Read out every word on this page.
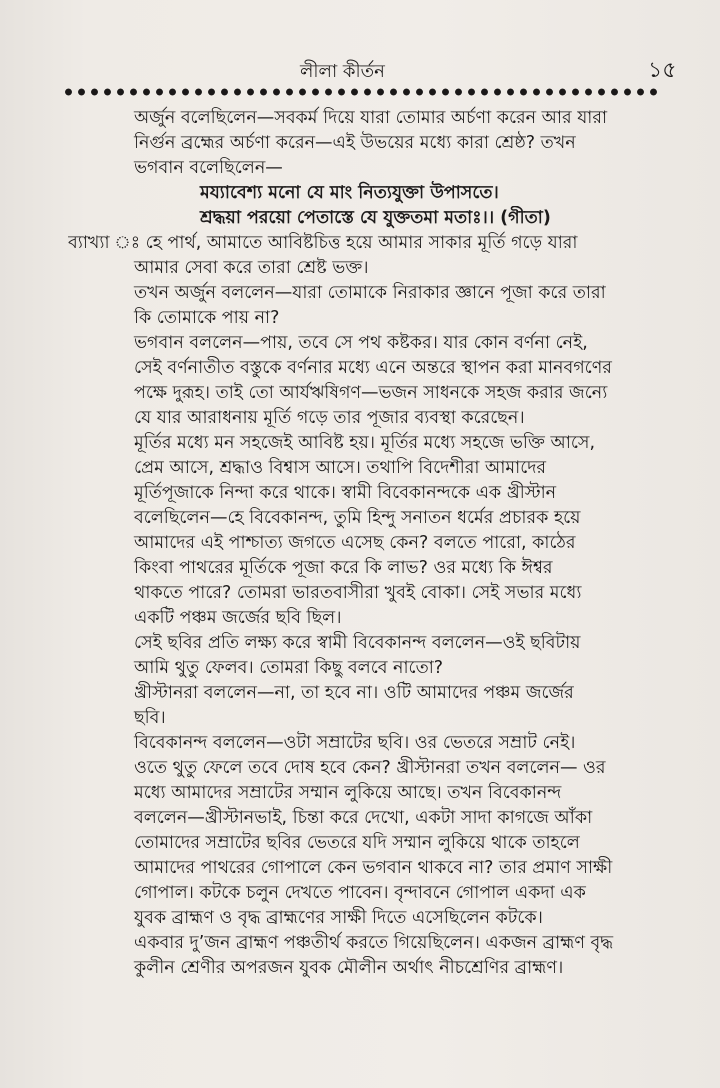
লীলা কীর্তন	১৫
অর্জুন বলেছিলেন—সবকর্ম দিয়ে যারা তোমার অর্চণা করেন আর যারা
নির্গুন ব্রহ্মের অর্চণা করেন—এই উভয়ের মধ্যে কারা শ্রেষ্ঠ? তখন
ভগবান বলেছিলেন—
ময্যাবেশ্য মনো যে মাং নিত্যযুক্তা উপাসতে।
শ্রদ্ধয়া পরয়ো পেতাস্তে যে যুক্ততমা মতাঃ।। (গীতা)
ব্যাখ্যা ঃ হে পার্থ, আমাতে আবিষ্টচিত্ত হয়ে আমার সাকার মূর্তি গড়ে যারা
আমার সেবা করে তারা শ্রেষ্ট ভক্ত।
তখন অর্জুন বললেন—যারা তোমাকে নিরাকার জ্ঞানে পূজা করে তারা
কি তোমাকে পায় না?
ভগবান বললেন—পায়, তবে সে পথ কষ্টকর। যার কোন বর্ণনা নেই,
সেই বর্ণনাতীত বস্তুকে বর্ণনার মধ্যে এনে অন্তরে স্থাপন করা মানবগণের
পক্ষে দুরূহ। তাই তো আর্যঋষিগণ—ভজন সাধনকে সহজ করার জন্যে
যে যার আরাধনায় মূর্তি গড়ে তার পূজার ব্যবস্থা করেছেন।
মূর্তির মধ্যে মন সহজেই আবিষ্ট হয়। মূর্তির মধ্যে সহজে ভক্তি আসে,
প্রেম আসে, শ্রদ্ধাও বিশ্বাস আসে। তথাপি বিদেশীরা আমাদের
মূর্তিপূজাকে নিন্দা করে থাকে। স্বামী বিবেকানন্দকে এক খ্রীস্টান
বলেছিলেন—হে বিবেকানন্দ, তুমি হিন্দু সনাতন ধর্মের প্রচারক হয়ে
আমাদের এই পাশ্চাত্য জগতে এসেছ কেন? বলতে পারো, কাঠের
কিংবা পাথরের মূর্তিকে পূজা করে কি লাভ? ওর মধ্যে কি ঈশ্বর
থাকতে পারে? তোমরা ভারতবাসীরা খুবই বোকা। সেই সভার মধ্যে
একটি পঞ্চম জর্জের ছবি ছিল।
সেই ছবির প্রতি লক্ষ্য করে স্বামী বিবেকানন্দ বললেন—ওই ছবিটায়
আমি থুতু ফেলব। তোমরা কিছু বলবে নাতো?
খ্রীস্টানরা বললেন—না, তা হবে না। ওটি আমাদের পঞ্চম জর্জের
ছবি।
বিবেকানন্দ বললেন—ওটা সম্রাটের ছবি। ওর ভেতরে সম্রাট নেই।
ওতে থুতু ফেলে তবে দোষ হবে কেন? খ্রীস্টানরা তখন বললেন— ওর
মধ্যে আমাদের সম্রাটের সম্মান লুকিয়ে আছে। তখন বিবেকানন্দ
বললেন—খ্রীস্টানভাই, চিন্তা করে দেখো, একটা সাদা কাগজে আঁকা
তোমাদের সম্রাটের ছবির ভেতরে যদি সম্মান লুকিয়ে থাকে তাহলে
আমাদের পাথরের গোপালে কেন ভগবান থাকবে না? তার প্রমাণ সাক্ষী
গোপাল। কটকে চলুন দেখতে পাবেন। বৃন্দাবনে গোপাল একদা এক
যুবক ব্রাহ্মণ ও বৃদ্ধ ব্রাহ্মণের সাক্ষী দিতে এসেছিলেন কটকে।
একবার দু’জন ব্রাহ্মণ পঞ্চতীর্থ করতে গিয়েছিলেন। একজন ব্রাহ্মণ বৃদ্ধ
কুলীন শ্রেণীর অপরজন যুবক মৌলীন অর্থাৎ নীচশ্রেণির ব্রাহ্মণ।
